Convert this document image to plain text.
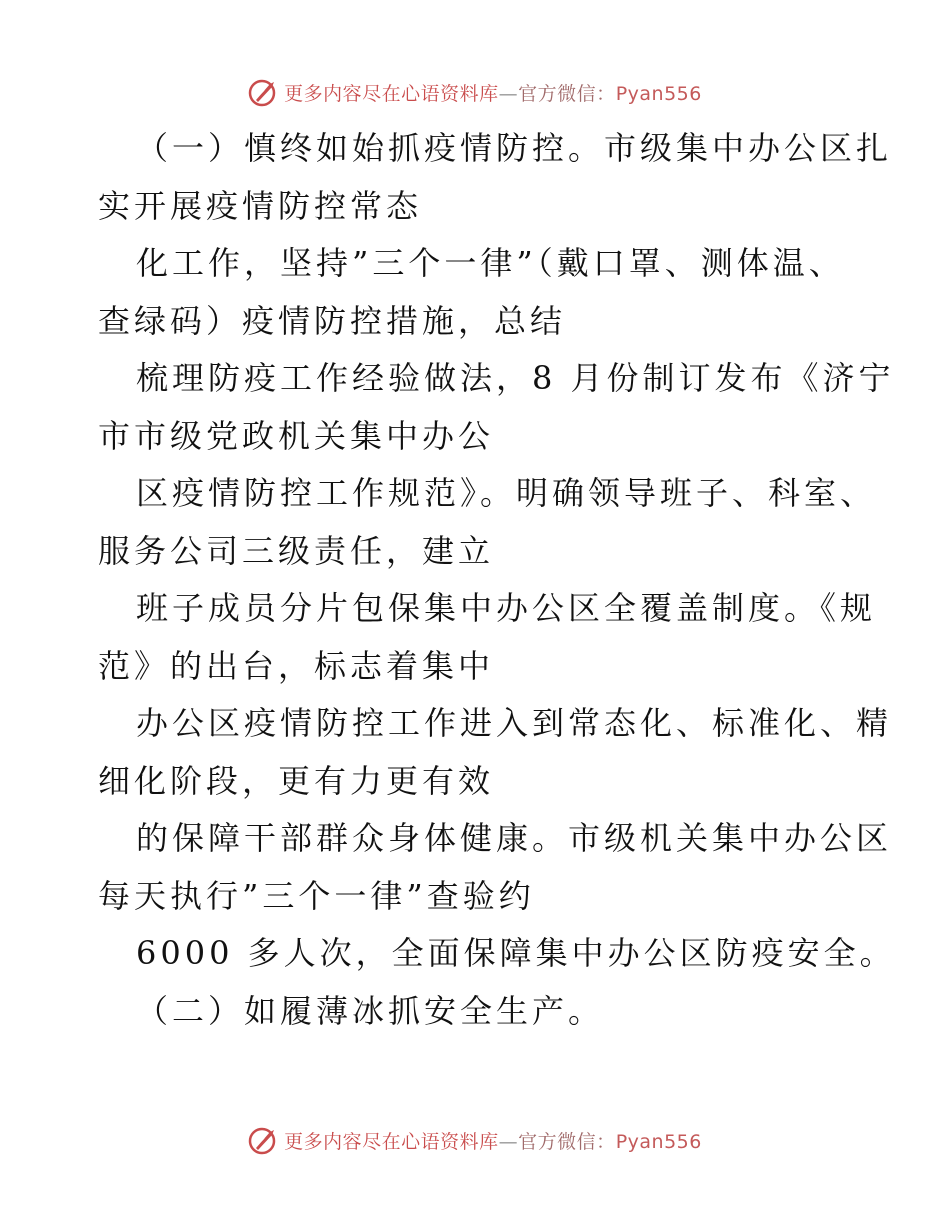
更多内容尽在心语资料库—官方微信：Pyan556
（一）慎终如始抓疫情防控。市级集中办公区扎
实开展疫情防控常态
化工作，坚持”三个一律”（戴口罩、测体温、
查绿码）疫情防控措施，总结
梳理防疫工作经验做法，8 月份制订发布《济宁
市市级党政机关集中办公
区疫情防控工作规范》。明确领导班子、科室、
服务公司三级责任，建立
班子成员分片包保集中办公区全覆盖制度。《规
范》的出台，标志着集中
办公区疫情防控工作进入到常态化、标准化、精
细化阶段，更有力更有效
的保障干部群众身体健康。市级机关集中办公区
每天执行”三个一律”查验约
6000 多人次，全面保障集中办公区防疫安全。
（二）如履薄冰抓安全生产。
更多内容尽在心语资料库—官方微信：Pyan556
